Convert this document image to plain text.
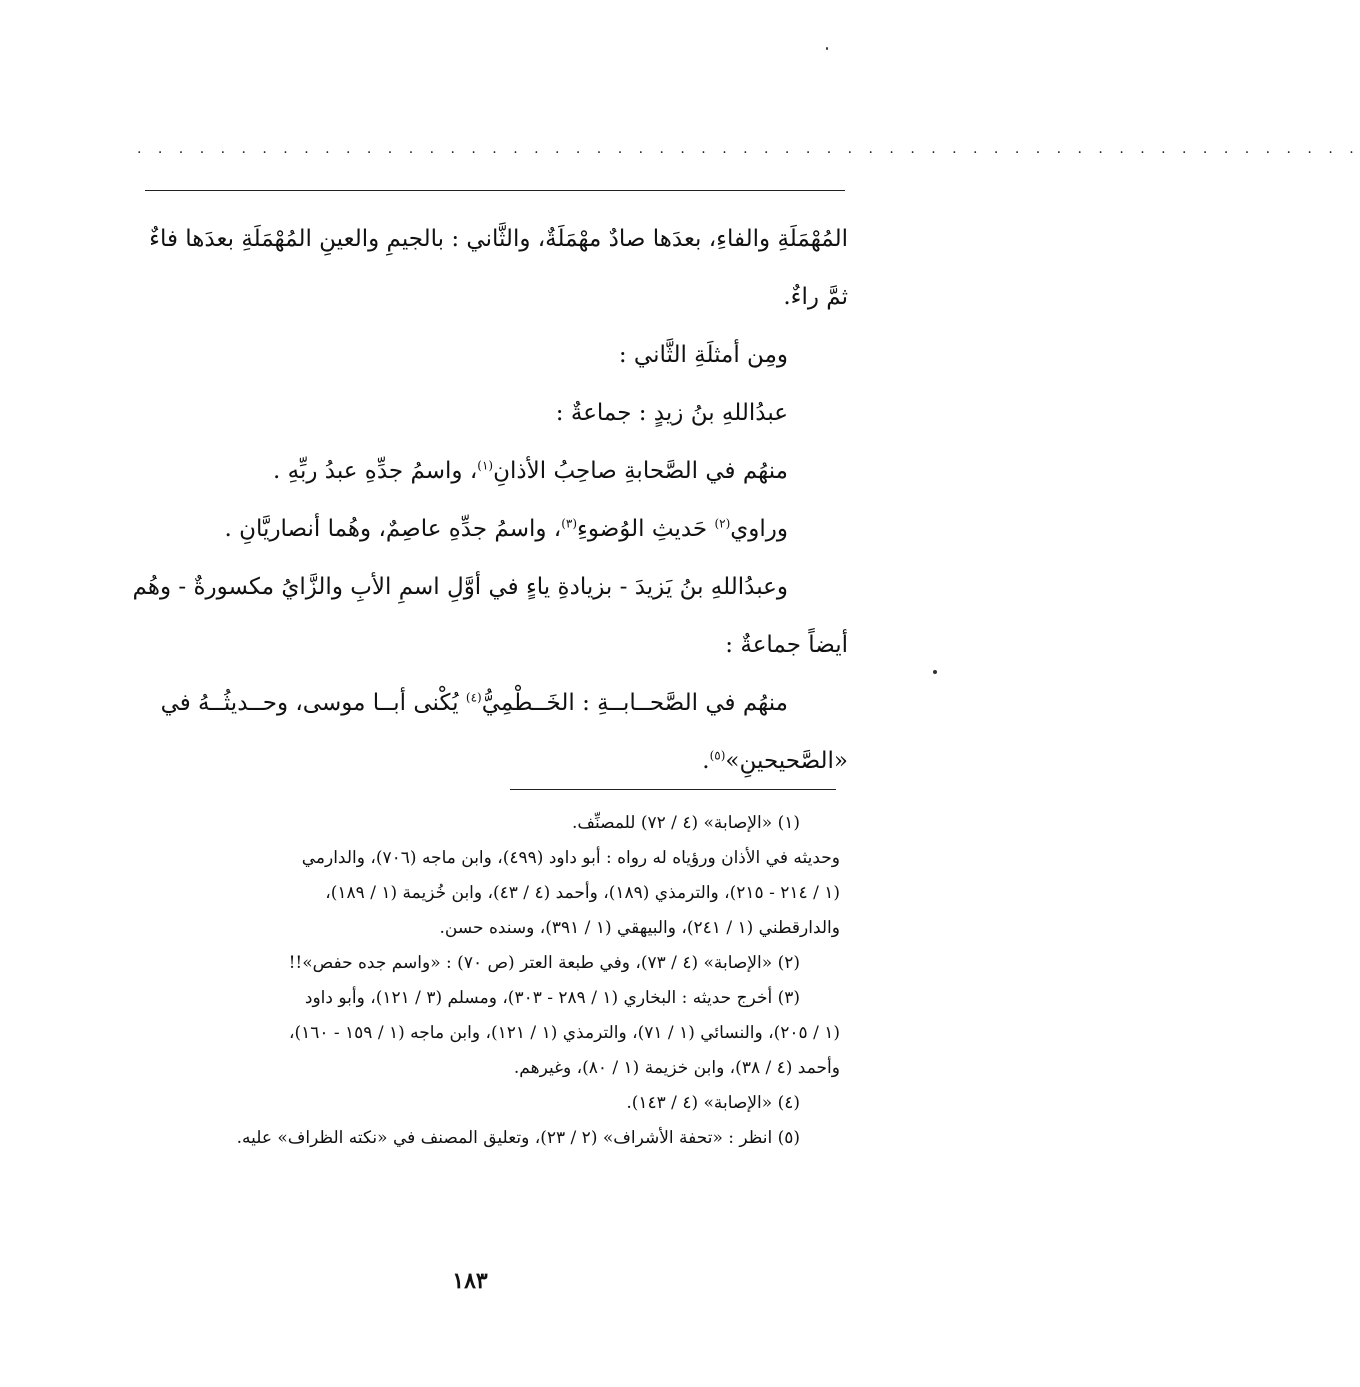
. . . . . . . . . . . . . . . . . . . . . . . . . . . . . . . . . . . . . . . . . . . . . . . . . . . . . . . . . . .
المُهْمَلَةِ والفاءِ، بعدَها صادٌ مهْمَلَةٌ، والثَّاني : بالجيمِ والعينِ المُهْمَلَةِ بعدَها فاءٌ
ثمَّ راءٌ.
ومِن أمثلَةِ الثَّاني :
عبدُاللهِ بنُ زيدٍ : جماعةٌ :
منهُم في الصَّحابةِ صاحِبُ الأذانِ$^{(١)}$، واسمُ جدِّهِ عبدُ ربِّهِ .
وراوي$^{(٢)}$ حَديثِ الوُضوءِ$^{(٣)}$، واسمُ جدِّهِ عاصِمٌ، وهُما أنصاريَّانِ .
وعبدُاللهِ بنُ يَزيدَ - بزيادةِ ياءٍ في أوَّلِ اسمِ الأبِ والزَّايُ مكسورةٌ - وهُم
أيضاً جماعةٌ :
منهُم في الصَّحــابــةِ : الخَــطْمِيُّ$^{(٤)}$ يُكْنى أبــا موسى، وحــديثُــهُ في
«الصَّحيحينِ»$^{(٥)}$.
(١) «الإصابة» (٤ / ٧٢) للمصنِّف.
وحديثه في الأذان ورؤياه له رواه : أبو داود (٤٩٩)، وابن ماجه (٧٠٦)، والدارمي
(١ / ٢١٤ - ٢١٥)، والترمذي (١٨٩)، وأحمد (٤ / ٤٣)، وابن خُزيمة (١ / ١٨٩)،
والدارقطني (١ / ٢٤١)، والبيهقي (١ / ٣٩١)، وسنده حسن.
(٢) «الإصابة» (٤ / ٧٣)، وفي طبعة العتر (ص ٧٠) : «واسم جده حفص»!!
(٣) أخرج حديثه : البخاري (١ / ٢٨٩ - ٣٠٣)، ومسلم (٣ / ١٢١)، وأبو داود
(١ / ٢٠٥)، والنسائي (١ / ٧١)، والترمذي (١ / ١٢١)، وابن ماجه (١ / ١٥٩ - ١٦٠)،
وأحمد (٤ / ٣٨)، وابن خزيمة (١ / ٨٠)، وغيرهم.
(٤) «الإصابة» (٤ / ١٤٣).
(٥) انظر : «تحفة الأشراف» (٢ / ٢٣)، وتعليق المصنف في «نكته الظراف» عليه.
١٨٣
